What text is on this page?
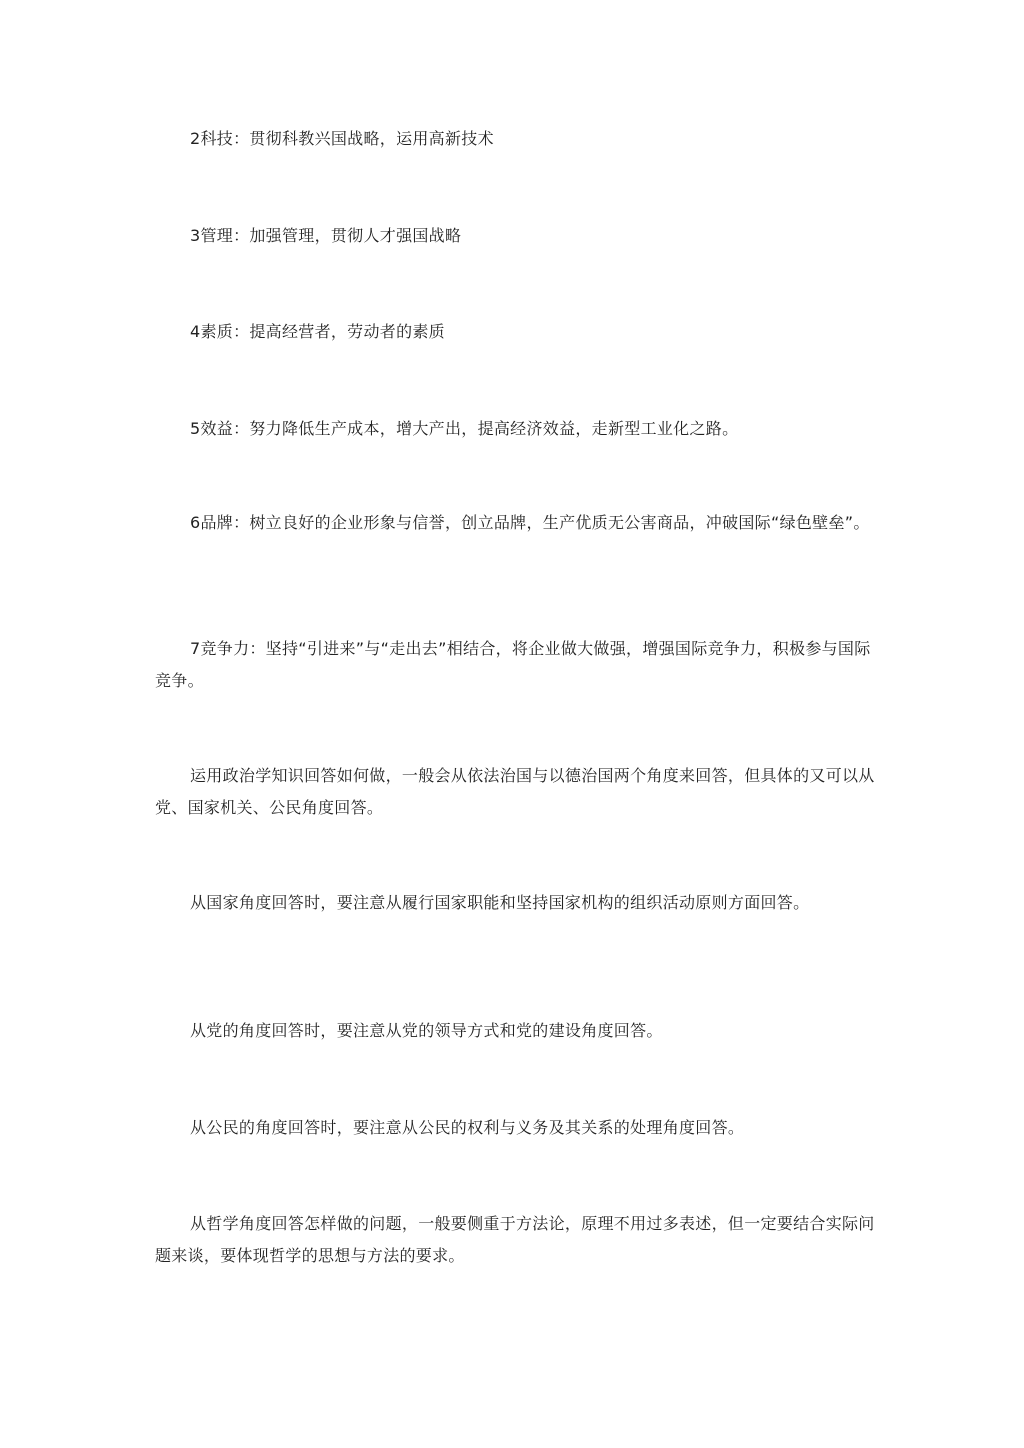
2科技：贯彻科教兴国战略，运用高新技术

3管理：加强管理，贯彻人才强国战略

4素质：提高经营者，劳动者的素质

5效益：努力降低生产成本，增大产出，提高经济效益，走新型工业化之路。

6品牌：树立良好的企业形象与信誉，创立品牌，生产优质无公害商品，冲破国际“绿色壁垒”。

7竞争力：坚持“引进来”与“走出去”相结合，将企业做大做强，增强国际竞争力，积极参与国际竞争。

运用政治学知识回答如何做，一般会从依法治国与以德治国两个角度来回答，但具体的又可以从党、国家机关、公民角度回答。

从国家角度回答时，要注意从履行国家职能和坚持国家机构的组织活动原则方面回答。

从党的角度回答时，要注意从党的领导方式和党的建设角度回答。

从公民的角度回答时，要注意从公民的权利与义务及其关系的处理角度回答。

从哲学角度回答怎样做的问题，一般要侧重于方法论，原理不用过多表述，但一定要结合实际问题来谈，要体现哲学的思想与方法的要求。
